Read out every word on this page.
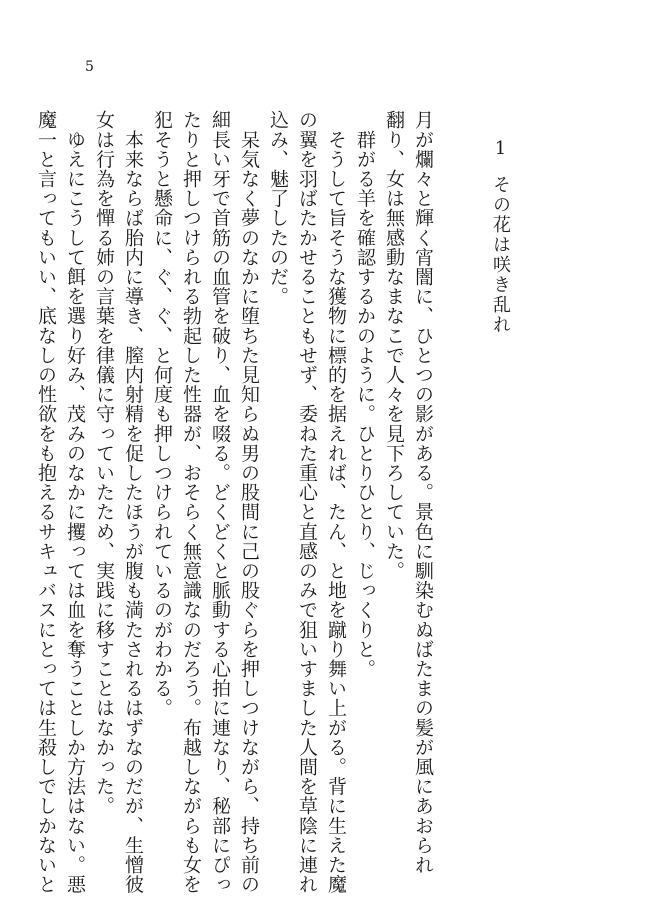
5
1その花は咲き乱れ
月が爛々と輝く宵闇に、ひとつの影がある。景色に馴染むぬばたまの髪が風にあおられ
翻り、女は無感動なまなこで人々を見下ろしていた。
　群がる羊を確認するかのように。ひとりひとり、じっくりと。
　そうして旨そうな獲物に標的を据えれば、たん、と地を蹴り舞い上がる。背に生えた魔
の翼を羽ばたかせることもせず、委ねた重心と直感のみで狙いすました人間を草陰に連れ
込み、魅了したのだ。
　呆気なく夢のなかに堕ちた見知らぬ男の股間に己の股ぐらを押しつけながら、持ち前の
細長い牙で首筋の血管を破り、血を啜る。どくどくと脈動する心拍に連なり、秘部にぴっ
たりと押しつけられる勃起した性器が、おそらく無意識なのだろう。布越しながらも女を
犯そうと懸命に、ぐ、ぐ、と何度も押しつけられているのがわかる。
　本来ならば胎内に導き、膣内射精を促したほうが腹も満たされるはずなのだが、生憎彼
女は行為を憚る姉の言葉を律儀に守っていたため、実践に移すことはなかった。
　ゆえにこうして餌を選り好み、茂みのなかに攫っては血を奪うことしか方法はない。悪
魔一と言ってもいい、底なしの性欲をも抱えるサキュバスにとっては生殺しでしかないと
